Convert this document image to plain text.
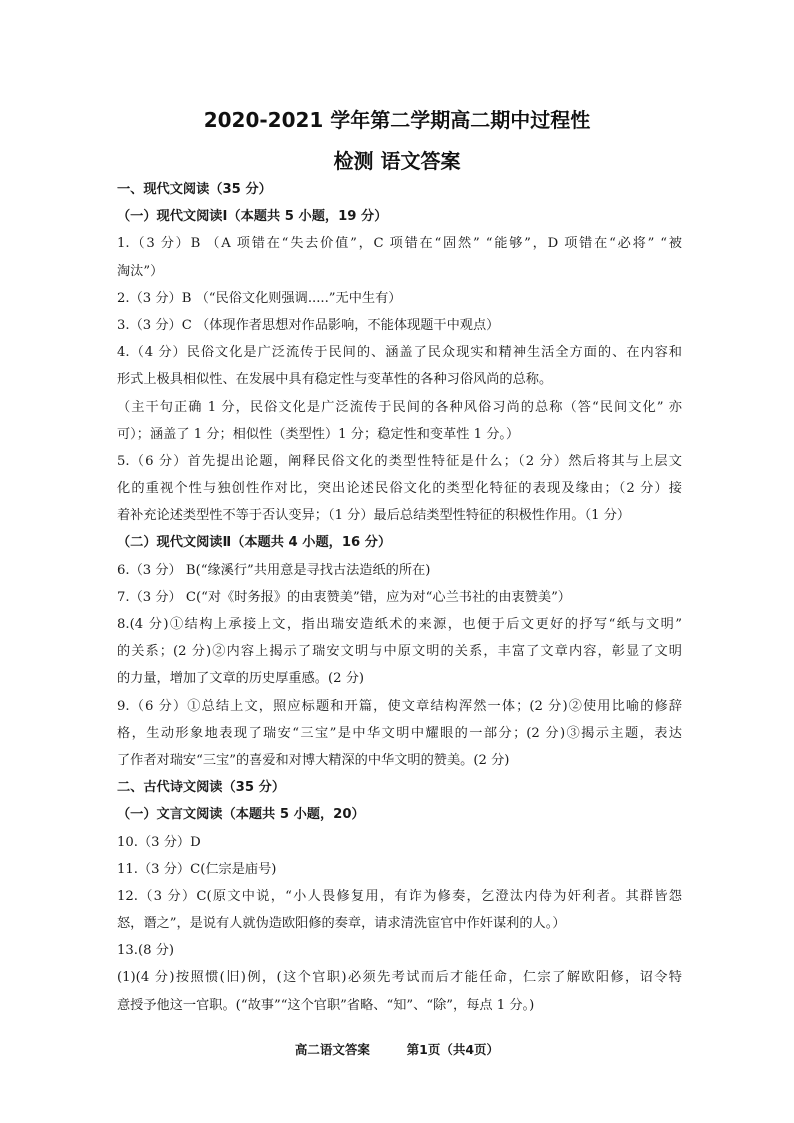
2020-2021 学年第二学期高二期中过程性
检测 语文答案
一、现代文阅读（35 分）
（一）现代文阅读Ⅰ（本题共 5 小题，19 分）
1.（3 分）B （A 项错在“失去价值”，C 项错在“固然” “能够”，D 项错在“必将” “被
淘汰”）
2.（3 分）B （“民俗文化则强调.....”无中生有）
3.（3 分）C （体现作者思想对作品影响，不能体现题干中观点）
4.（4 分）民俗文化是广泛流传于民间的、涵盖了民众现实和精神生活全方面的、在内容和
形式上极具相似性、在发展中具有稳定性与变革性的各种习俗风尚的总称。
（主干句正确 1 分，民俗文化是广泛流传于民间的各种风俗习尚的总称（答“民间文化” 亦
可）；涵盖了 1 分；相似性（类型性）1 分；稳定性和变革性 1 分。）
5.（6 分）首先提出论题，阐释民俗文化的类型性特征是什么；（2 分）然后将其与上层文
化的重视个性与独创性作对比，突出论述民俗文化的类型化特征的表现及缘由；（2 分）接
着补充论述类型性不等于否认变异；（1 分）最后总结类型性特征的积极性作用。（1 分）
（二）现代文阅读Ⅱ（本题共 4 小题，16 分）
6.（3 分） B(“缘溪行”共用意是寻找古法造纸的所在)
7.（3 分） C(“对《时务报》的由衷赞美”错，应为对“心兰书社的由衷赞美”）
8.(4 分)①结构上承接上文，指出瑞安造纸术的来源，也便于后文更好的抒写“纸与文明”
的关系；(2 分)②内容上揭示了瑞安文明与中原文明的关系，丰富了文章内容，彰显了文明
的力量，增加了文章的历史厚重感。(2 分)
9.（6 分）①总结上文，照应标题和开篇，使文章结构浑然一体；(2 分)②使用比喻的修辞
格，生动形象地表现了瑞安“三宝”是中华文明中耀眼的一部分；(2 分)③揭示主题，表达
了作者对瑞安“三宝”的喜爱和对博大精深的中华文明的赞美。(2 分)
二、古代诗文阅读（35 分）
（一）文言文阅读（本题共 5 小题，20）
10.（3 分）D
11.（3 分）C(仁宗是庙号)
12.（3 分）C(原文中说，“小人畏修复用，有诈为修奏，乞澄汰内侍为奸利者。其群皆怨
怒，谮之”，是说有人就伪造欧阳修的奏章，请求清洗宦官中作奸谋利的人。）
13.(8 分)
(1)(4 分)按照惯(旧)例，(这个官职)必须先考试而后才能任命，仁宗了解欧阳修，诏令特
意授予他这一官职。(“故事”“这个官职”省略、“知”、“除”，每点 1 分。)
高二语文答案	第1页（共4页）
